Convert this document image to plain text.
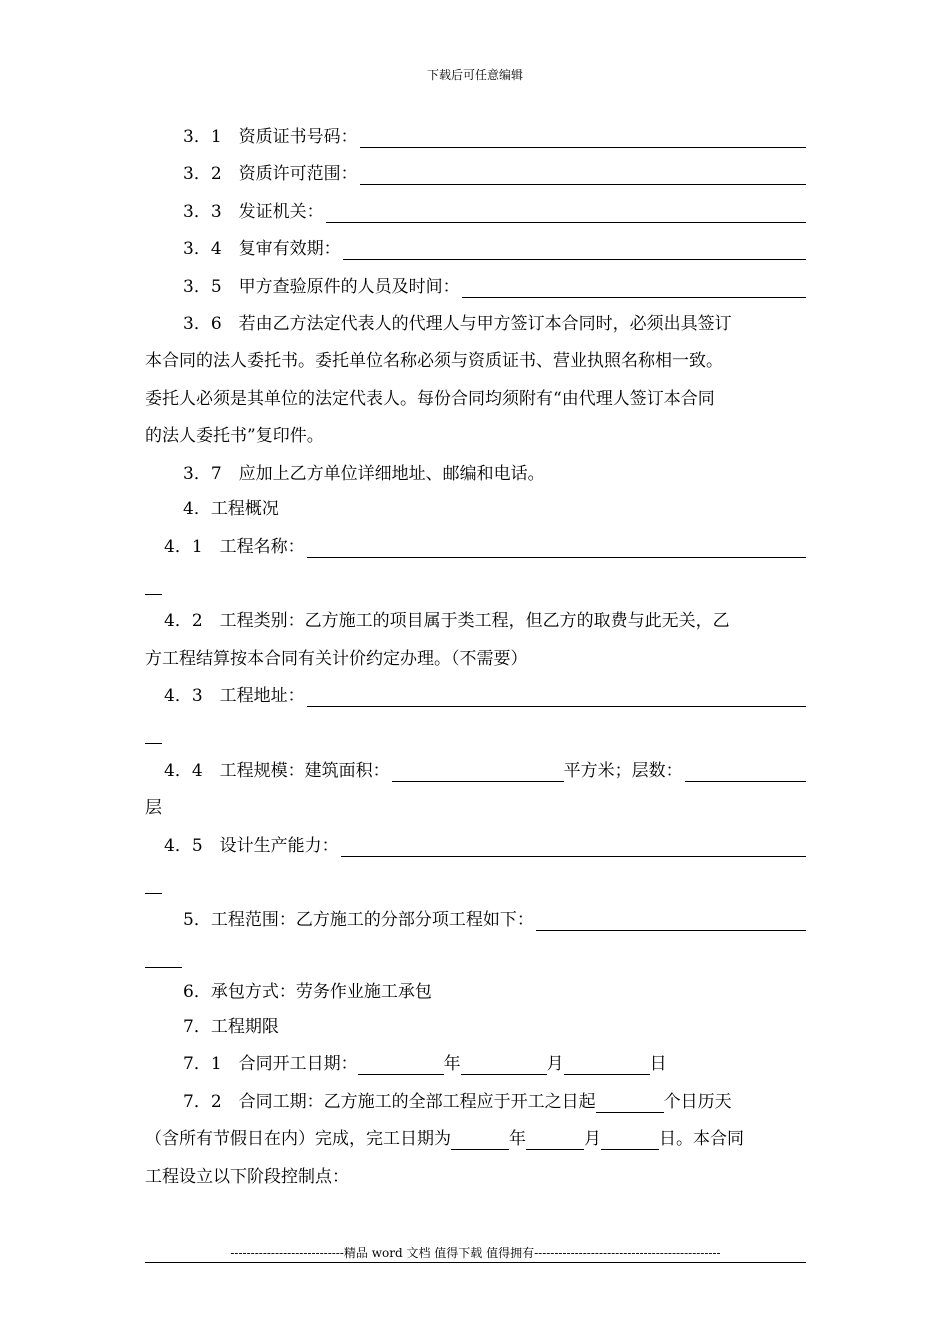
下载后可任意编辑
3．1　资质证书号码：
3．2　资质许可范围：
3．3　发证机关：
3．4　复审有效期：
3．5　甲方查验原件的人员及时间：
3．6　若由乙方法定代表人的代理人与甲方签订本合同时，必须出具签订
本合同的法人委托书。委托单位名称必须与资质证书、营业执照名称相一致。
委托人必须是其单位的法定代表人。每份合同均须附有“由代理人签订本合同
的法人委托书”复印件。
3．7　应加上乙方单位详细地址、邮编和电话。
4．工程概况
4．1　工程名称：
4．2　工程类别：乙方施工的项目属于类工程，但乙方的取费与此无关，乙
方工程结算按本合同有关计价约定办理。（不需要）
4．3　工程地址：
4．4　工程规模：建筑面积：	平方米；层数：
层
4．5　设计生产能力：
5．工程范围：乙方施工的分部分项工程如下：
6．承包方式：劳务作业施工承包
7．工程期限
7．1　合同开工日期：	年	月	日
7．2　合同工期：乙方施工的全部工程应于开工之日起	个日历天
（含所有节假日在内）完成，完工日期为	年	月	日。本合同
工程设立以下阶段控制点：
----------------------------精品 word 文档 值得下载 值得拥有----------------------------------------------
